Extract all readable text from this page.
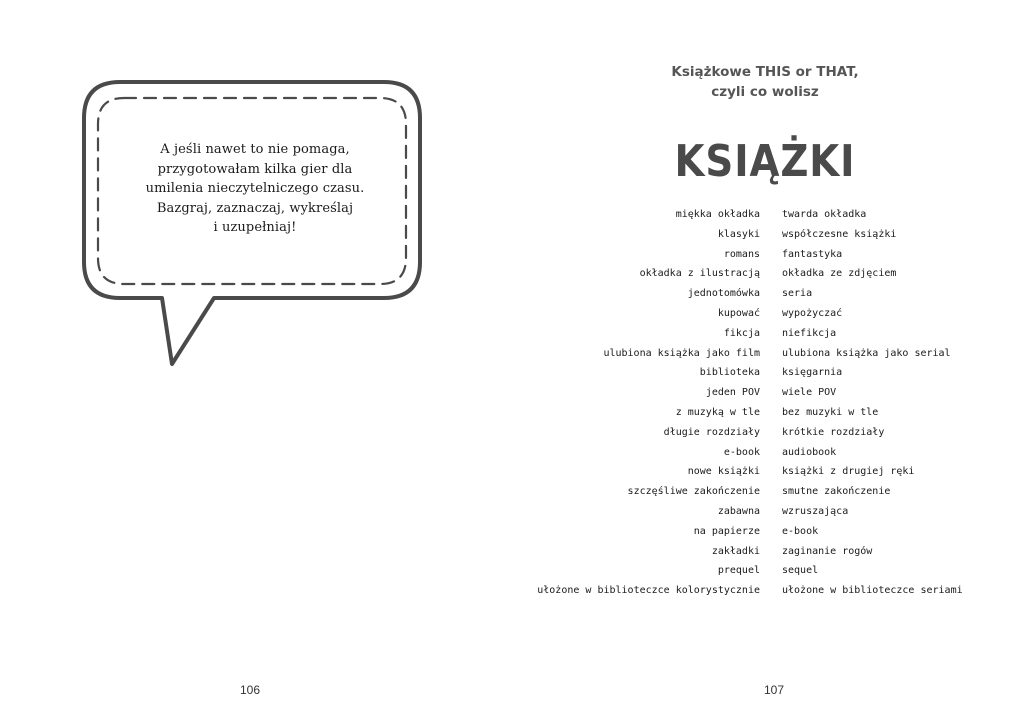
A jeśli nawet to nie pomaga,
przygotowałam kilka gier dla
umilenia nieczytelniczego czasu.
Bazgraj, zaznaczaj, wykreślaj
i uzupełniaj!
106
Książkowe THIS or THAT,
czyli co wolisz
KSIĄŻKI
miękka okładka twarda okładka
klasyki współczesne książki
romans fantastyka
okładka z ilustracją okładka ze zdjęciem
jednotomówka seria
kupować wypożyczać
fikcja niefikcja
ulubiona książka jako film ulubiona książka jako serial
biblioteka księgarnia
jeden POV wiele POV
z muzyką w tle bez muzyki w tle
długie rozdziały krótkie rozdziały
e-book audiobook
nowe książki książki z drugiej ręki
szczęśliwe zakończenie smutne zakończenie
zabawna wzruszająca
na papierze e-book
zakładki zaginanie rogów
prequel sequel
ułożone w biblioteczce kolorystycznie ułożone w biblioteczce seriami
107
